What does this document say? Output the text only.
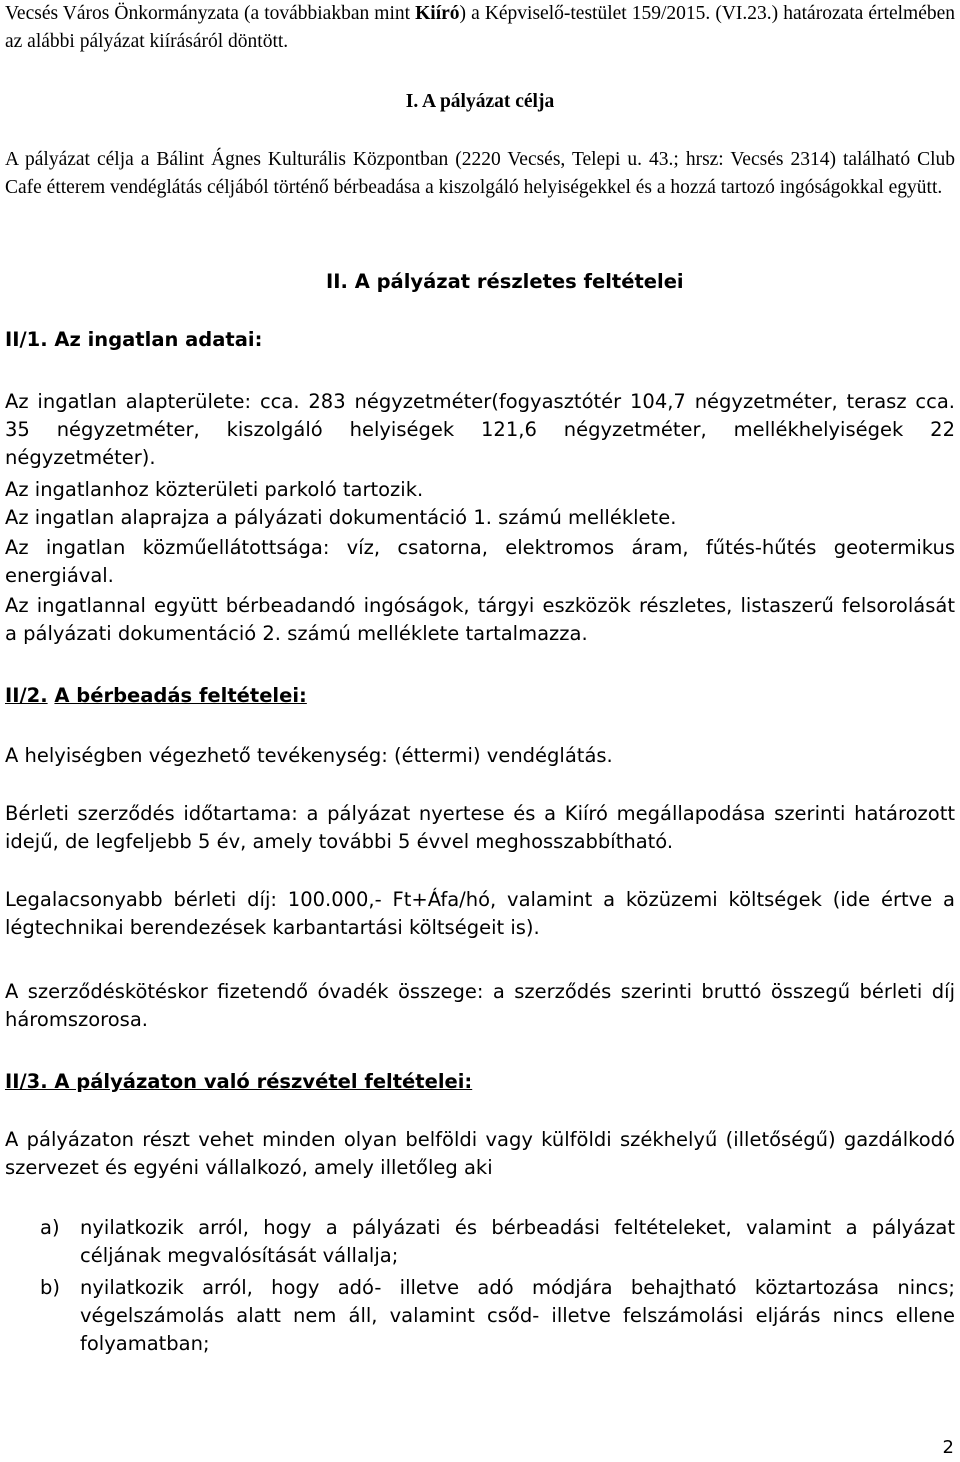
Vecsés Város Önkormányzata (a továbbiakban mint Kiíró) a Képviselő-testület 159/2015. (VI.23.) határozata értelmében az alábbi pályázat kiírásáról döntött.

I. A pályázat célja

A pályázat célja a Bálint Ágnes Kulturális Központban (2220 Vecsés, Telepi u. 43.; hrsz: Vecsés 2314) található Club Cafe étterem vendéglátás céljából történő bérbeadása a kiszolgáló helyiségekkel és a hozzá tartozó ingóságokkal együtt.

II. A pályázat részletes feltételei

II/1. Az ingatlan adatai:

Az ingatlan alapterülete: cca. 283 négyzetméter(fogyasztótér 104,7 négyzetméter, terasz cca. 35 négyzetméter, kiszolgáló helyiségek 121,6 négyzetméter, mellékhelyiségek 22 négyzetméter).

Az ingatlanhoz közterületi parkoló tartozik.

Az ingatlan alaprajza a pályázati dokumentáció 1. számú melléklete.

Az ingatlan közműellátottsága: víz, csatorna, elektromos áram, fűtés-hűtés geotermikus energiával.

Az ingatlannal együtt bérbeadandó ingóságok, tárgyi eszközök részletes, listaszerű felsorolását a pályázati dokumentáció 2. számú melléklete tartalmazza.

II/2. A bérbeadás feltételei:

A helyiségben végezhető tevékenység: (éttermi) vendéglátás.

Bérleti szerződés időtartama: a pályázat nyertese és a Kiíró megállapodása szerinti határozott idejű, de legfeljebb 5 év, amely további 5 évvel meghosszabbítható.

Legalacsonyabb bérleti díj: 100.000,- Ft+Áfa/hó, valamint a közüzemi költségek (ide értve a légtechnikai berendezések karbantartási költségeit is).

A szerződéskötéskor fizetendő óvadék összege: a szerződés szerinti bruttó összegű bérleti díj háromszorosa.

II/3. A pályázaton való részvétel feltételei:

A pályázaton részt vehet minden olyan belföldi vagy külföldi székhelyű (illetőségű) gazdálkodó szervezet és egyéni vállalkozó, amely illetőleg aki

a) nyilatkozik arról, hogy a pályázati és bérbeadási feltételeket, valamint a pályázat céljának megvalósítását vállalja;
b) nyilatkozik arról, hogy adó- illetve adó módjára behajtható köztartozása nincs; végelszámolás alatt nem áll, valamint csőd- illetve felszámolási eljárás nincs ellene folyamatban;
2
